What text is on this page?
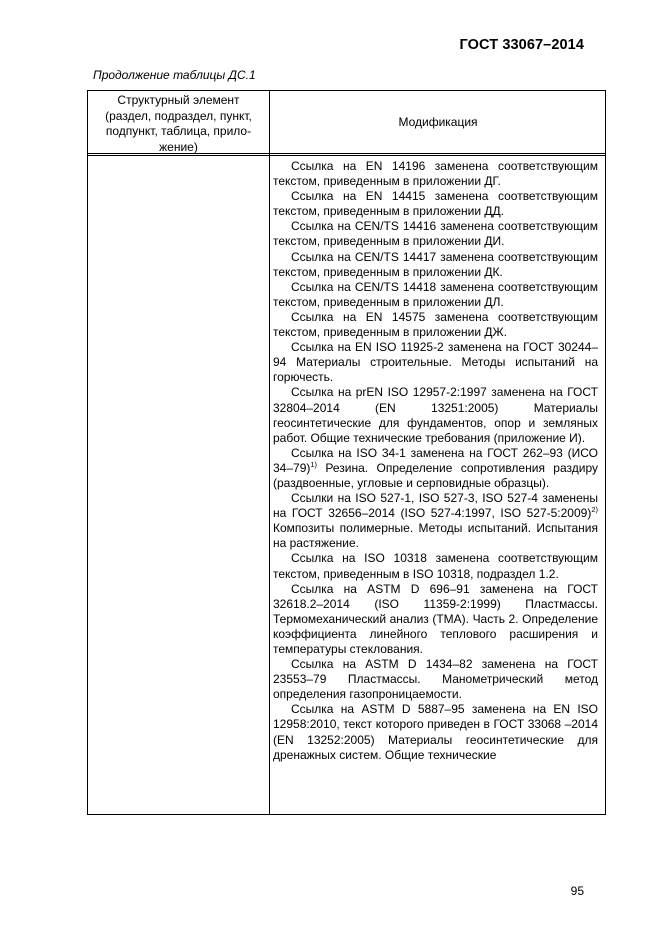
ГОСТ 33067–2014
Продолжение таблицы ДС.1
Структурный элемент
(раздел, подраздел, пункт,
подпункт, таблица, прило-
жение)
Модификация

Ссылка на EN 14196 заменена соответствующим текстом, приведенным в приложении ДГ.

Ссылка на EN 14415 заменена соответствующим текстом, приведенным в приложении ДД.

Ссылка на CEN/TS 14416 заменена соответствующим текстом, приведенным в приложении ДИ.

Ссылка на CEN/TS 14417 заменена соответствующим текстом, приведенным в приложении ДК.

Ссылка на CEN/TS 14418 заменена соответствующим текстом, приведенным в приложении ДЛ.

Ссылка на EN 14575 заменена соответствующим текстом, приведенным в приложении ДЖ.

Ссылка на EN ISO 11925-2 заменена на ГОСТ 30244–94 Материалы строительные. Методы испытаний на горючесть.

Ссылка на prEN ISO 12957-2:1997 заменена на ГОСТ 32804–2014 (EN 13251:2005) Материалы геосинтетические для фундаментов, опор и земляных работ. Общие технические требования (приложение И).

Ссылка на ISO 34-1 заменена на ГОСТ 262–93 (ИСО 34–79)$^{1)}$ Резина. Определение сопротивления раздиру (раздвоенные, угловые и серповидные образцы).

Ссылки на ISO 527-1, ISO 527-3, ISO 527-4 заменены на ГОСТ 32656–2014 (ISO 527-4:1997, ISO 527-5:2009)$^{2)}$ Композиты полимерные. Методы испытаний. Испытания на растяжение.

Ссылка на ISO 10318 заменена соответствующим текстом, приведенным в ISO 10318, подраздел 1.2.

Ссылка на ASTM D 696–91 заменена на ГОСТ 32618.2–2014 (ISO 11359-2:1999) Пластмассы. Термомеханический анализ (ТМА). Часть 2. Определение коэффициента линейного теплового расширения и температуры стеклования.

Ссылка на ASTM D 1434–82 заменена на ГОСТ 23553–79 Пластмассы. Манометрический метод определения газопроницаемости.

Ссылка на ASTM D 5887–95 заменена на EN ISO 12958:2010, текст которого приведен в ГОСТ 33068 –2014 (EN 13252:2005) Материалы геосинтетические для дренажных систем. Общие технические

95
